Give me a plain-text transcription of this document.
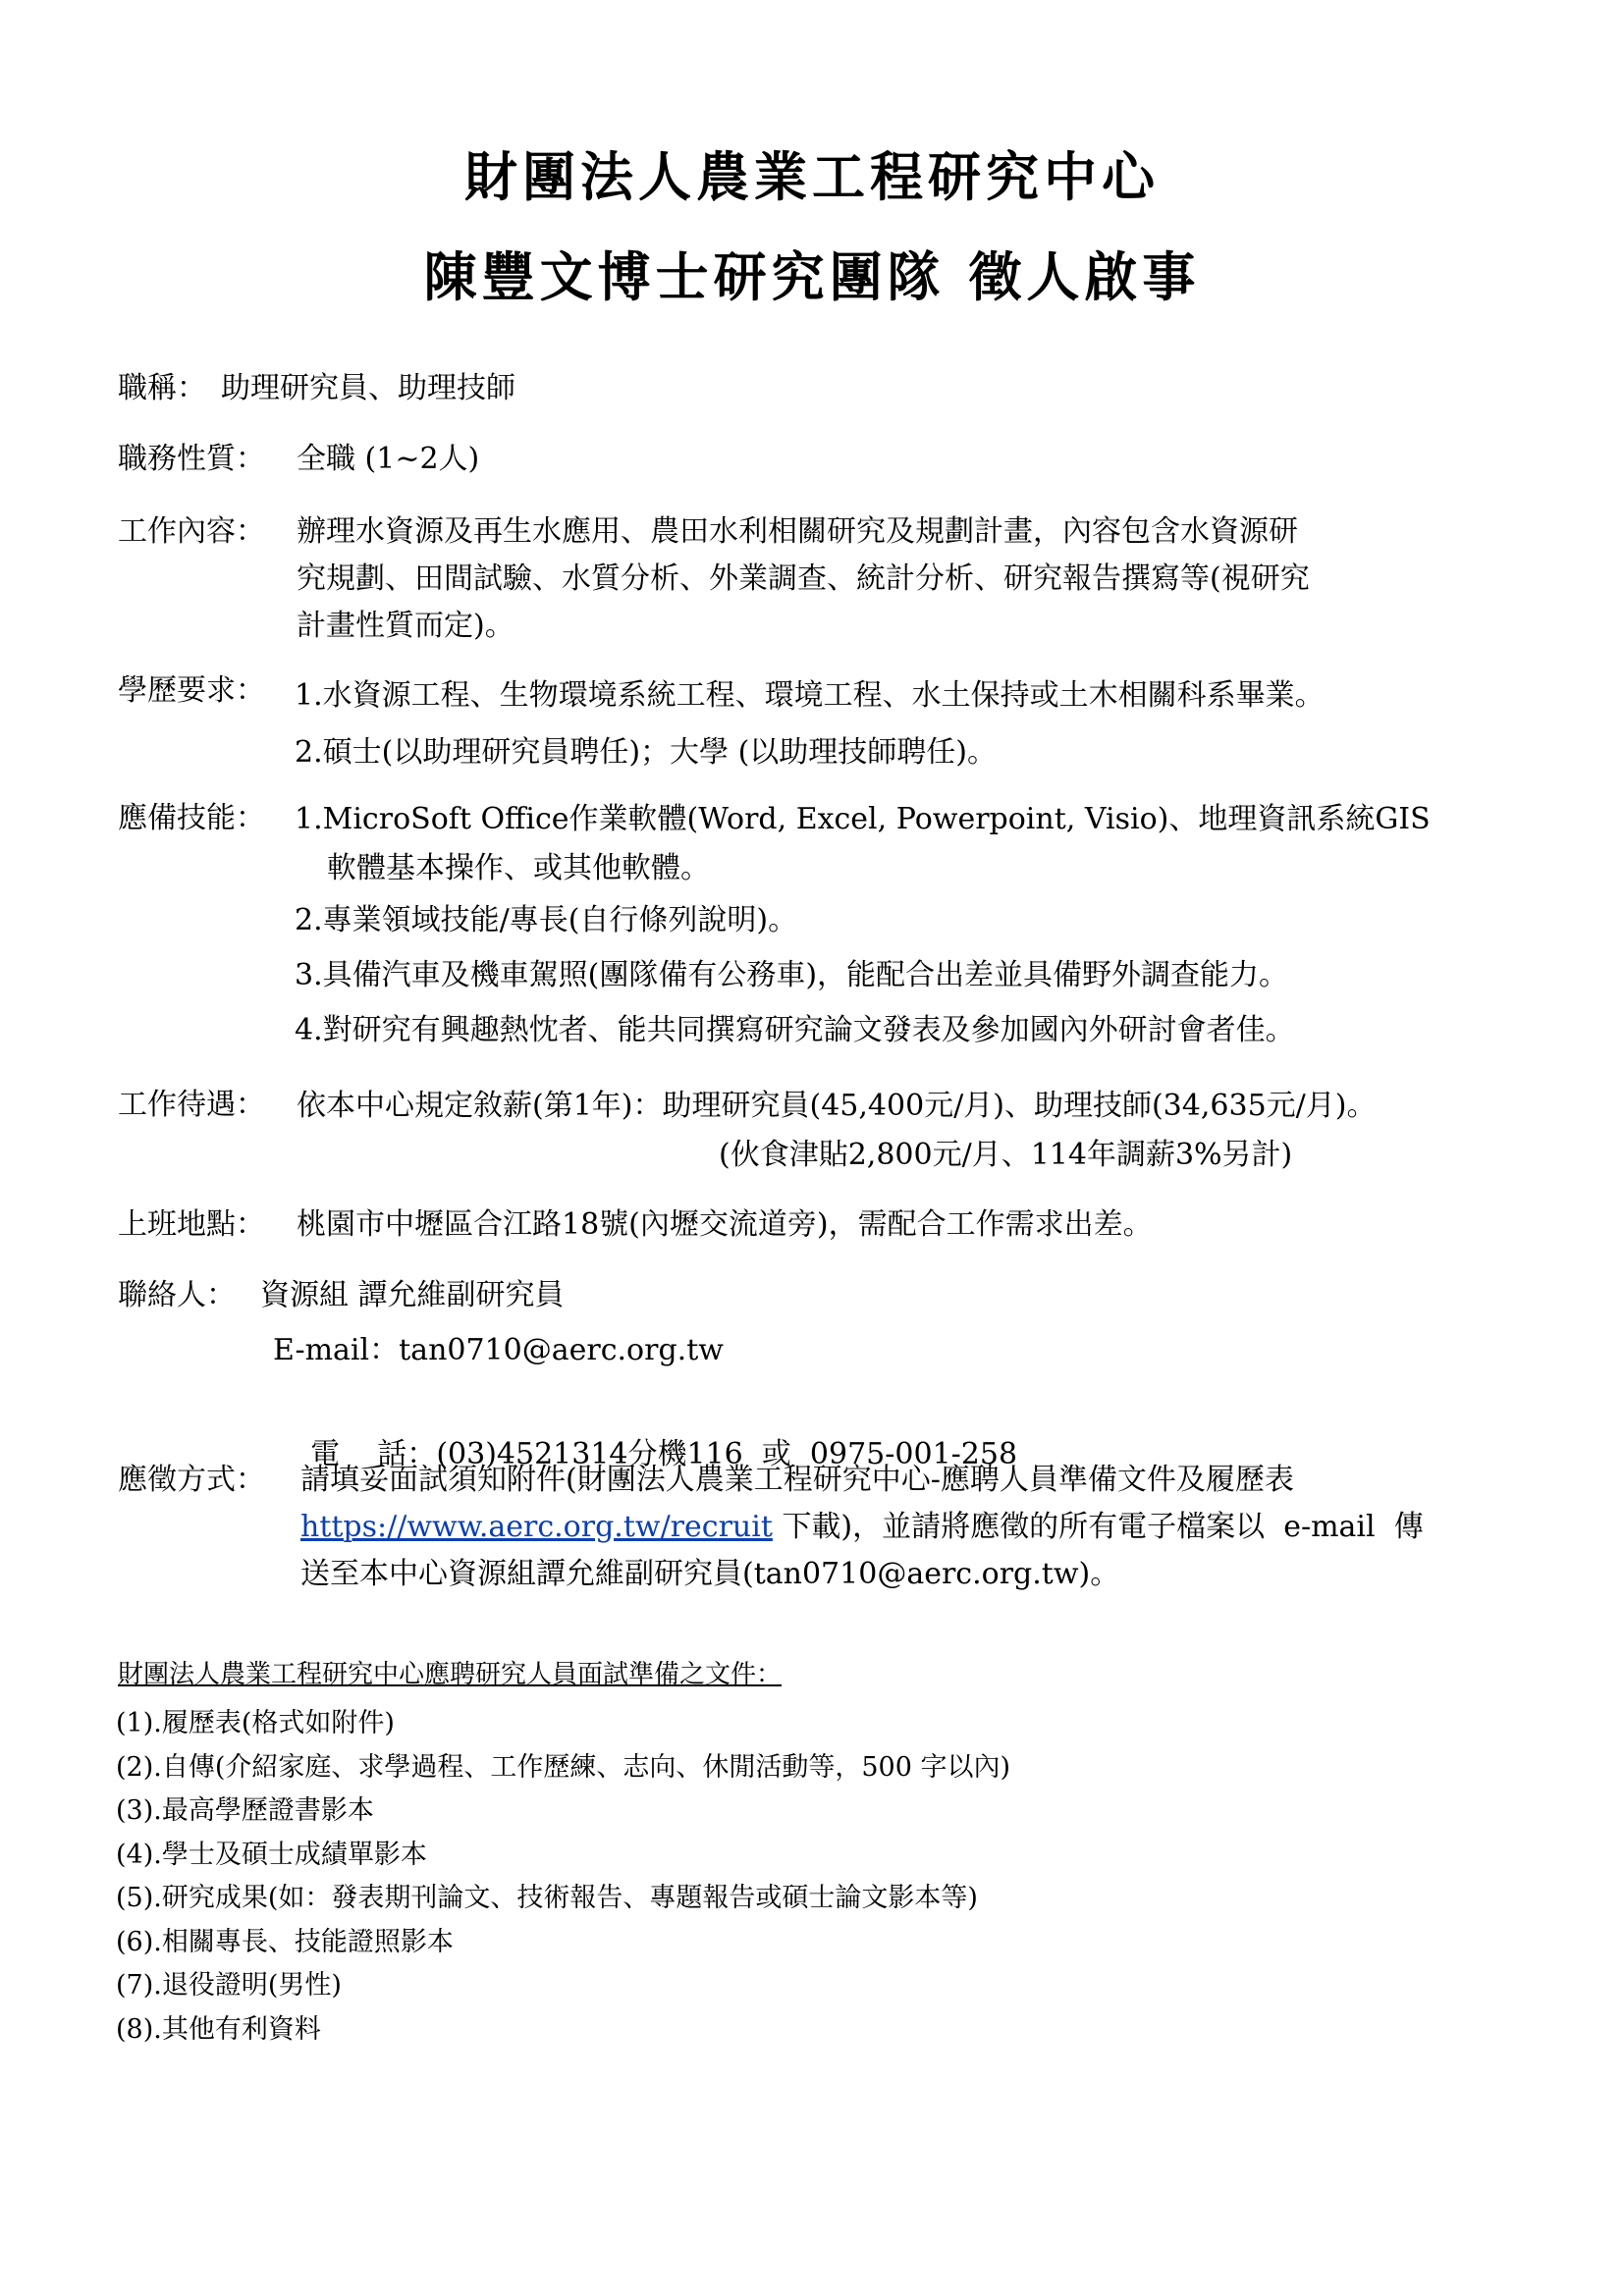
財團法人農業工程研究中心
陳豐文博士研究團隊 徵人啟事
職稱： 助理研究員、助理技師
職務性質： 全職 (1~2人)
工作內容： 辦理水資源及再生水應用、農田水利相關研究及規劃計畫，內容包含水資源研
究規劃、田間試驗、水質分析、外業調查、統計分析、研究報告撰寫等(視研究
計畫性質而定)。
學歷要求： 1.水資源工程、生物環境系統工程、環境工程、水土保持或土木相關科系畢業。
2.碩士(以助理研究員聘任)；大學 (以助理技師聘任)。
應備技能： 1.MicroSoft Office作業軟體(Word, Excel, Powerpoint, Visio)、地理資訊系統GIS
軟體基本操作、或其他軟體。
2.專業領域技能/專長(自行條列說明)。
3.具備汽車及機車駕照(團隊備有公務車)，能配合出差並具備野外調查能力。
4.對研究有興趣熱忱者、能共同撰寫研究論文發表及參加國內外研討會者佳。
工作待遇： 依本中心規定敘薪(第1年)：助理研究員(45,400元/月)、助理技師(34,635元/月)。
(伙食津貼2,800元/月、114年調薪3%另計)
上班地點： 桃園市中壢區合江路18號(內壢交流道旁)，需配合工作需求出差。
聯絡人： 資源組 譚允維副研究員
E-mail：tan0710@aerc.org.tw

電    話：(03)4521314分機116  或  0975-001-258

應徵方式： 請填妥面試須知附件(財團法人農業工程研究中心-應聘人員準備文件及履歷表
https://www.aerc.org.tw/recruit 下載)，並請將應徵的所有電子檔案以  e-mail  傳
送至本中心資源組譚允維副研究員(tan0710@aerc.org.tw)。
財團法人農業工程研究中心應聘研究人員面試準備之文件：
(1).履歷表(格式如附件)
(2).自傳(介紹家庭、求學過程、工作歷練、志向、休閒活動等，500 字以內)
(3).最高學歷證書影本
(4).學士及碩士成績單影本
(5).研究成果(如：發表期刊論文、技術報告、專題報告或碩士論文影本等)
(6).相關專長、技能證照影本
(7).退役證明(男性)
(8).其他有利資料
